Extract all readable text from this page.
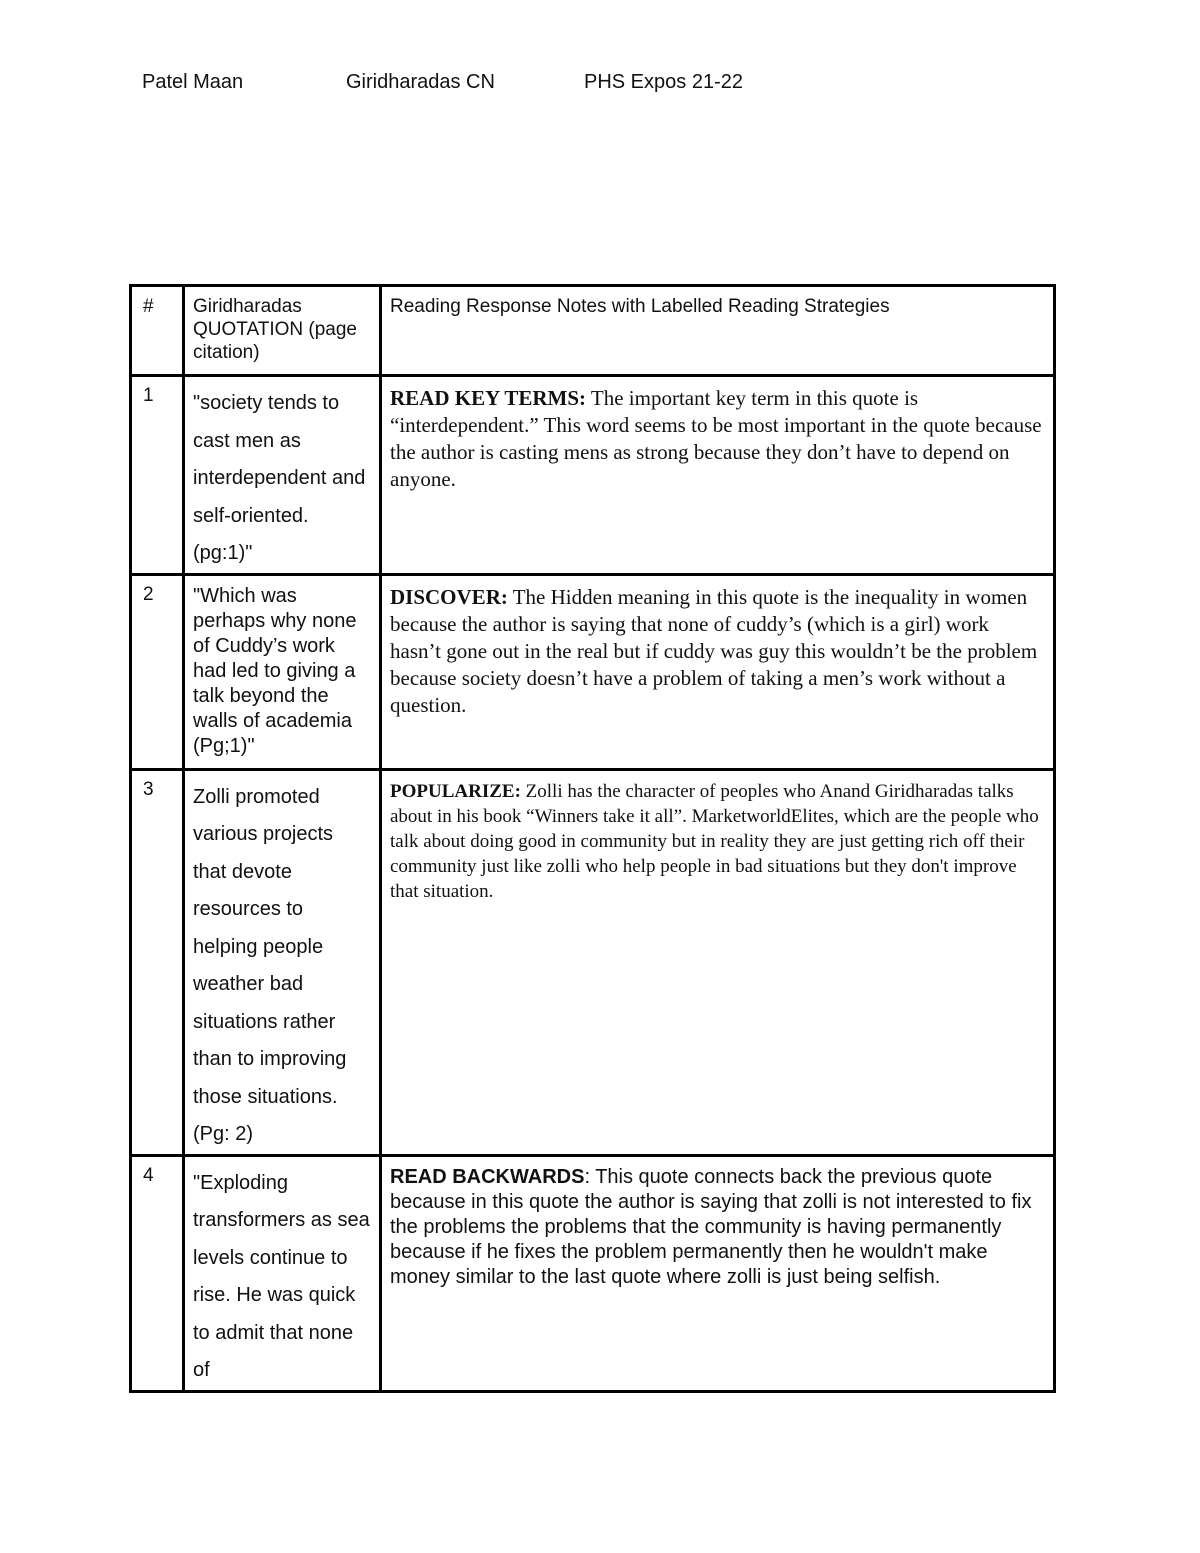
Patel Maan	Giridharadas CN	PHS Expos 21-22
#	Giridharadas QUOTATION (page citation)	Reading Response Notes with Labelled Reading Strategies
1	"society tends to cast men as interdependent and self-oriented. (pg:1)"	READ KEY TERMS: The important key term in this quote is “interdependent.” This word seems to be most important in the quote because the author is casting mens as strong because they don’t have to depend on anyone.
2	"Which was perhaps why none of Cuddy’s work had led to giving a talk beyond the walls of academia (Pg;1)"	DISCOVER: The Hidden meaning in this quote is the inequality in women because the author is saying that none of cuddy’s (which is a girl) work hasn’t gone out in the real but if cuddy was guy this wouldn’t be the problem because society doesn’t have a problem of taking a men’s work without a question.
3	Zolli promoted various projects that devote resources to helping people weather bad situations rather than to improving those situations. (Pg: 2)	POPULARIZE: Zolli has the character of peoples who Anand Giridharadas talks about in his book “Winners take it all”. MarketworldElites, which are the people who talk about doing good in community but in reality they are just getting rich off their community just like zolli who help people in bad situations but they don't improve that situation.
4	"Exploding transformers as sea levels continue to rise. He was quick to admit that none of	READ BACKWARDS: This quote connects back the previous quote because in this quote the author is saying that zolli is not interested to fix the problems the problems that the community is having permanently because if he fixes the problem permanently then he wouldn't make money similar to the last quote where zolli is just being selfish.
